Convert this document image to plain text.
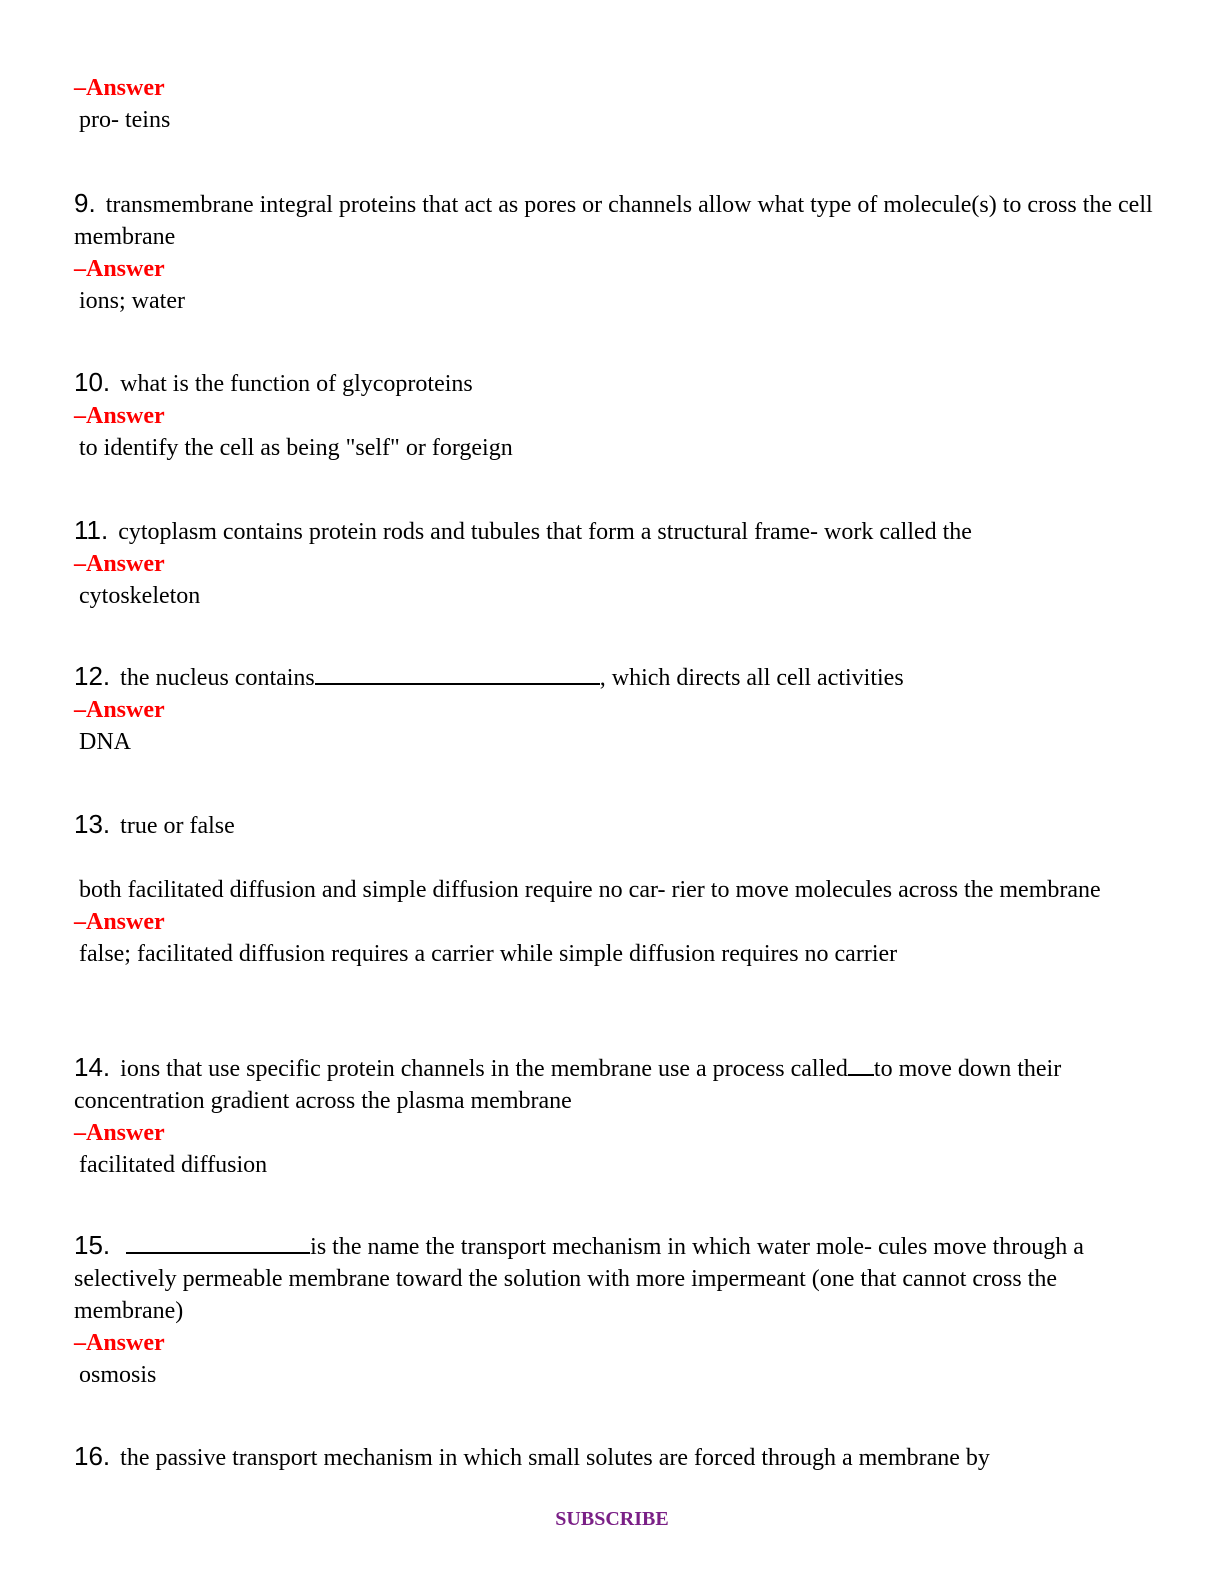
–Answer

pro- teins

9. transmembrane integral proteins that act as pores or channels allow what type of molecule(s) to cross the cell membrane

–Answer

ions; water

10. what is the function of glycoproteins

–Answer

to identify the cell as being "self" or forgeign

11. cytoplasm contains protein rods and tubules that form a structural frame- work called the

–Answer

cytoskeleton

12. the nucleus contains	, which directs all cell activities

–Answer

DNA

13. true or false

both facilitated diffusion and simple diffusion require no car- rier to move molecules across the membrane

–Answer

false; facilitated diffusion requires a carrier while simple diffusion requires no carrier

14. ions that use specific protein channels in the membrane use a process called to move down their concentration gradient across the plasma membrane

–Answer

facilitated diffusion

15.	is the name the transport mechanism in which water mole- cules move through a selectively permeable membrane toward the solution with more impermeant (one that cannot cross the membrane)

–Answer

osmosis

16. the passive transport mechanism in which small solutes are forced through a membrane by

SUBSCRIBE
